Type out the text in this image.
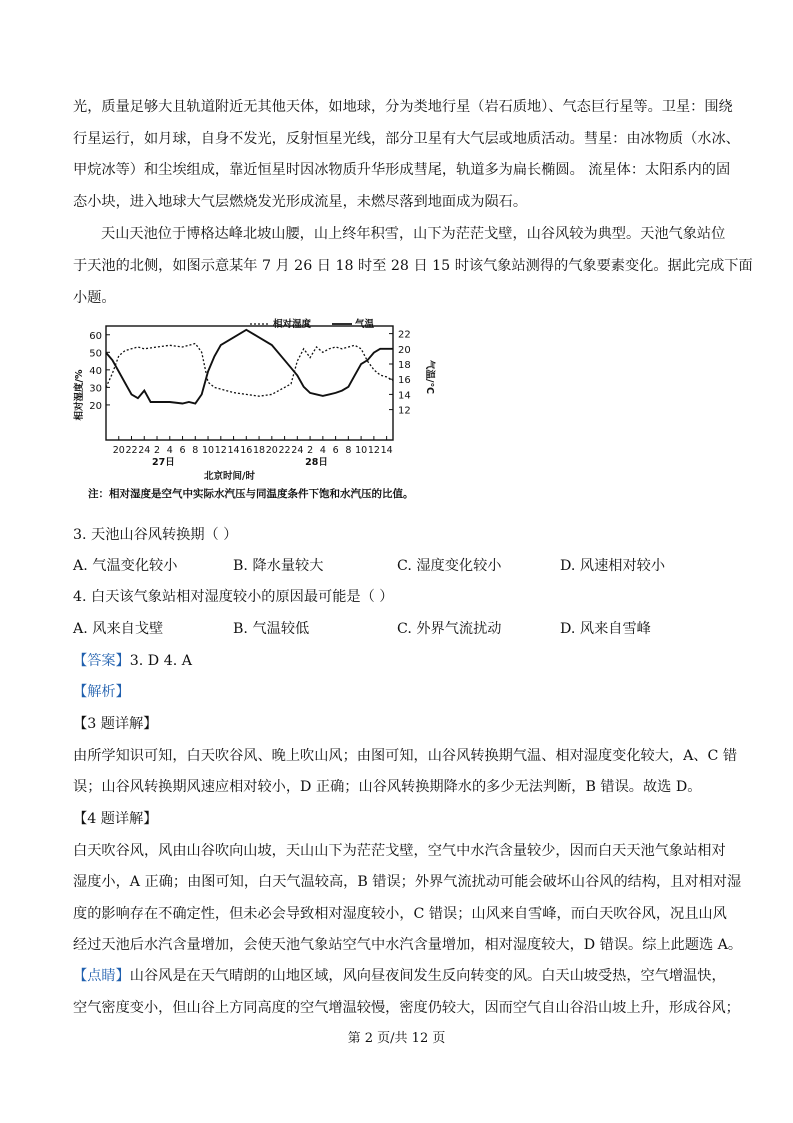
光，质量足够大且轨道附近无其他天体，如地球，分为类地行星（岩石质地）、气态巨行星等。卫星：围绕
行星运行，如月球，自身不发光，反射恒星光线，部分卫星有大气层或地质活动。彗星：由冰物质（水冰、
甲烷冰等）和尘埃组成，靠近恒星时因冰物质升华形成彗尾，轨道多为扁长椭圆。 流星体：太阳系内的固
态小块，进入地球大气层燃烧发光形成流星，未燃尽落到地面成为陨石。
天山天池位于博格达峰北坡山腰，山上终年积雪，山下为茫茫戈壁，山谷风较为典型。天池气象站位
于天池的北侧，如图示意某年 7 月 26 日 18 时至 28 日 15 时该气象站测得的气象要素变化。据此完成下面
小题。
20
30
40
50
60
12
14
16
18
20
22
20 22 24 2 4 6 8 10 12 14 16 18 20 22 24 2 4 6 8 10 12 14
27日	28日
北京时间/时
相对湿度/%	气温/℃
相对湿度	气温
注：相对湿度是空气中实际水汽压与同温度条件下饱和水汽压的比值。
3. 天池山谷风转换期（ ）
A. 气温变化较小	B. 降水量较大	C. 湿度变化较小	D. 风速相对较小
4. 白天该气象站相对湿度较小的原因最可能是（ ）
A. 风来自戈壁	B. 气温较低	C. 外界气流扰动	D. 风来自雪峰
【答案】3. D 4. A
【解析】
【3 题详解】
由所学知识可知，白天吹谷风、晚上吹山风；由图可知，山谷风转换期气温、相对湿度变化较大，A、C 错
误；山谷风转换期风速应相对较小，D 正确；山谷风转换期降水的多少无法判断，B 错误。故选 D。
【4 题详解】
白天吹谷风，风由山谷吹向山坡，天山山下为茫茫戈壁，空气中水汽含量较少，因而白天天池气象站相对
湿度小，A 正确；由图可知，白天气温较高，B 错误；外界气流扰动可能会破坏山谷风的结构，且对相对湿
度的影响存在不确定性，但未必会导致相对湿度较小，C 错误；山风来自雪峰，而白天吹谷风，况且山风
经过天池后水汽含量增加，会使天池气象站空气中水汽含量增加，相对湿度较大，D 错误。综上此题选 A。
【点睛】山谷风是在天气晴朗的山地区域，风向昼夜间发生反向转变的风。白天山坡受热，空气增温快，
空气密度变小，但山谷上方同高度的空气增温较慢，密度仍较大，因而空气自山谷沿山坡上升，形成谷风；
第 2 页/共 12 页
